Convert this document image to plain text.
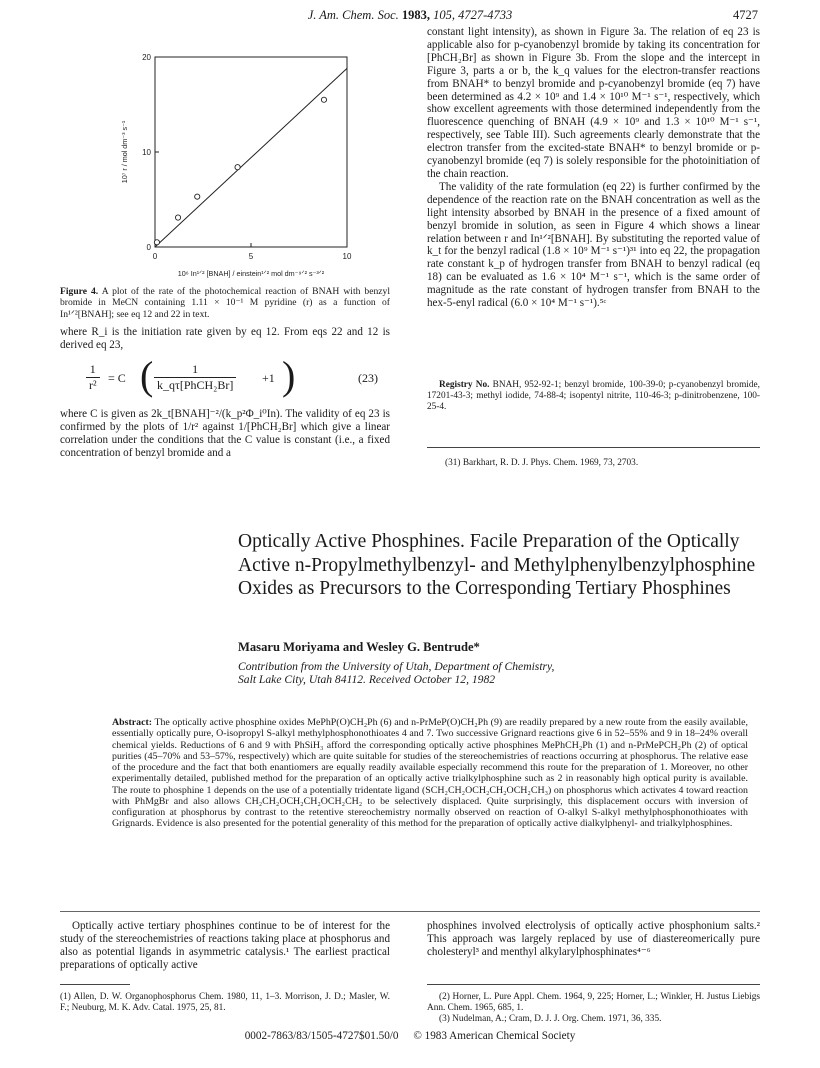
J. Am. Chem. Soc. 1983, 105, 4727-4733	4727
0	5	10
0
10
20
10⁶ In¹ᐟ² [BNAH] / einstein¹ᐟ² mol dm⁻⁹ᐟ² s⁻³ᐟ²
10⁷ r / mol dm⁻³ s⁻¹
Figure 4. A plot of the rate of the photochemical reaction of BNAH with benzyl bromide in MeCN containing 1.11 × 10⁻¹ M pyridine (r) as a function of In¹ᐟ²[BNAH]; see eq 12 and 22 in text.

where R_i is the initiation rate given by eq 12. From eqs 22 and 12 is derived eq 23,

$\frac{1}{\text{r²}} = C$ (	1
k_qτ[PhCH₂Br] +1 )	(23)

where C is given as 2k_t[BNAH]⁻²/(k_p²Φ_i⁰In). The validity of eq 23 is confirmed by the plots of 1/r² against 1/[PhCH₂Br] which give a linear correlation under the conditions that the C value is constant (i.e., a fixed concentration of benzyl bromide and a

constant light intensity), as shown in Figure 3a. The relation of eq 23 is applicable also for p-cyanobenzyl bromide by taking its concentration for [PhCH₂Br] as shown in Figure 3b. From the slope and the intercept in Figure 3, parts a or b, the k_q values for the electron-transfer reactions from BNAH* to benzyl bromide and p-cyanobenzyl bromide (eq 7) have been determined as 4.2 × 10⁹ and 1.4 × 10¹⁰ M⁻¹ s⁻¹, respectively, which show excellent agreements with those determined independently from the fluorescence quenching of BNAH (4.9 × 10⁹ and 1.3 × 10¹⁰ M⁻¹ s⁻¹, respectively, see Table III). Such agreements clearly demonstrate that the electron transfer from the excited-state BNAH* to benzyl bromide or p-cyanobenzyl bromide (eq 7) is solely responsible for the photoinitiation of the chain reaction.

The validity of the rate formulation (eq 22) is further confirmed by the dependence of the reaction rate on the BNAH concentration as well as the light intensity absorbed by BNAH in the presence of a fixed amount of benzyl bromide in solution, as seen in Figure 4 which shows a linear relation between r and In¹ᐟ²[BNAH]. By substituting the reported value of k_t for the benzyl radical (1.8 × 10⁹ M⁻¹ s⁻¹)³¹ into eq 22, the propagation rate constant k_p of hydrogen transfer from BNAH to benzyl radical (eq 18) can be evaluated as 1.6 × 10⁴ M⁻¹ s⁻¹, which is the same order of magnitude as the rate constant of hydrogen transfer from BNAH to the hex-5-enyl radical (6.0 × 10⁴ M⁻¹ s⁻¹).⁵ᶜ

Registry No. BNAH, 952-92-1; benzyl bromide, 100-39-0; p-cyanobenzyl bromide, 17201-43-3; methyl iodide, 74-88-4; isopentyl nitrite, 110-46-3; p-dinitrobenzene, 100-25-4.

(31) Barkhart, R. D. J. Phys. Chem. 1969, 73, 2703.
Optically Active Phosphines. Facile Preparation of the Optically Active n-Propylmethylbenzyl- and Methylphenylbenzylphosphine Oxides as Precursors to the Corresponding Tertiary Phosphines
Masaru Moriyama and Wesley G. Bentrude*
Contribution from the University of Utah, Department of Chemistry,
Salt Lake City, Utah 84112. Received October 12, 1982
Abstract: The optically active phosphine oxides MePhP(O)CH₂Ph (6) and n-PrMeP(O)CH₂Ph (9) are readily prepared by a new route from the easily available, essentially optically pure, O-isopropyl S-alkyl methylphosphonothioates 4 and 7. Two successive Grignard reactions give 6 in 52–55% and 9 in 18–24% overall chemical yields. Reductions of 6 and 9 with PhSiH₃ afford the corresponding optically active phosphines MePhCH₂Ph (1) and n-PrMePCH₂Ph (2) of optical purities (45–70% and 53–57%, respectively) which are quite suitable for studies of the stereochemistries of reactions occurring at phosphorus. The relative ease of the procedure and the fact that both enantiomers are equally readily available especially recommend this route for the preparation of 1. Moreover, no other experimentally detailed, published method for the preparation of an optically active trialkylphosphine such as 2 in reasonably high optical purity is available. The route to phosphine 1 depends on the use of a potentially tridentate ligand (SCH₂CH₂OCH₂CH₂OCH₂CH₃) on phosphorus which activates 4 toward reaction with PhMgBr and also allows CH₂CH₂OCH₂CH₂OCH₂CH₂ to be selectively displaced. Quite surprisingly, this displacement occurs with inversion of configuration at phosphorus by contrast to the retentive stereochemistry normally observed on reaction of O-alkyl S-alkyl methylphosphonothioates with Grignards. Evidence is also presented for the potential generality of this method for the preparation of optically active dialkylphenyl- and trialkylphosphines.

Optically active tertiary phosphines continue to be of interest for the study of the stereochemistries of reactions taking place at phosphorus and also as potential ligands in asymmetric catalysis.¹ The earliest practical preparations of optically active

phosphines involved electrolysis of optically active phosphonium salts.² This approach was largely replaced by use of diastereomerically pure cholesteryl³ and menthyl alkylarylphosphinates⁴⁻⁶

(1) Allen, D. W. Organophosphorus Chem. 1980, 11, 1–3. Morrison, J. D.; Masler, W. F.; Neuburg, M. K. Adv. Catal. 1975, 25, 81.

(2) Horner, L. Pure Appl. Chem. 1964, 9, 225; Horner, L.; Winkler, H. Justus Liebigs Ann. Chem. 1965, 685, 1.

(3) Nudelman, A.; Cram, D. J. J. Org. Chem. 1971, 36, 335.

0002-7863/83/1505-4727$01.50/0 © 1983 American Chemical Society
